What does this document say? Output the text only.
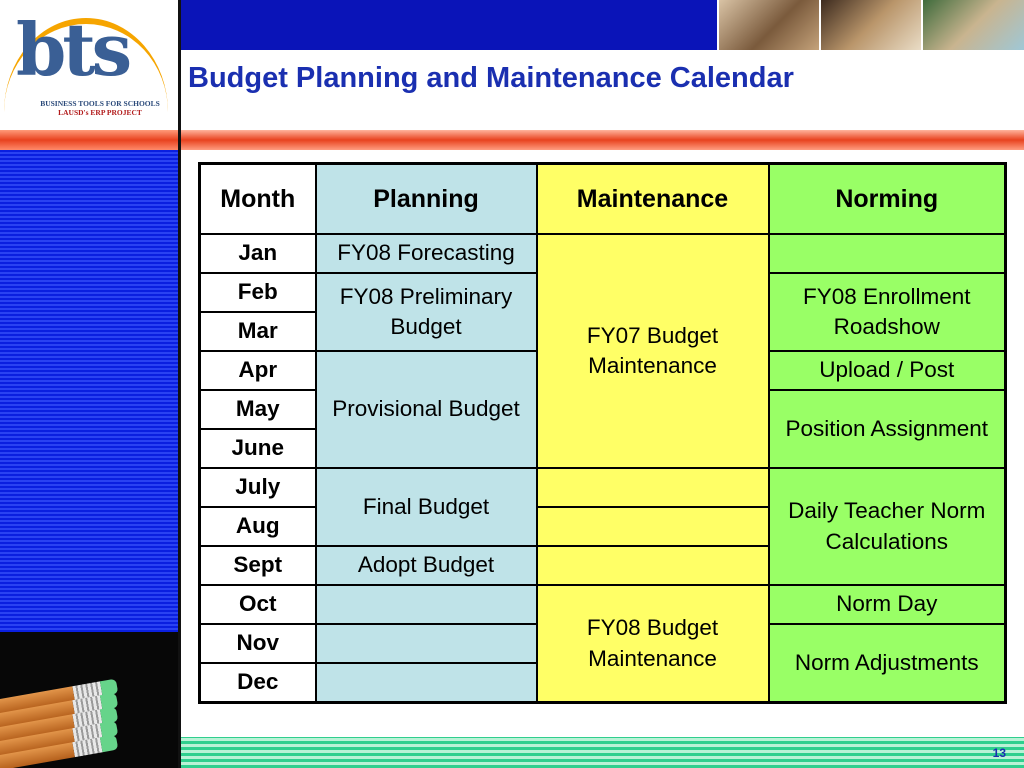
bts
BUSINESS TOOLS FOR SCHOOLS
LAUSD's ERP PROJECT
Budget Planning and Maintenance Calendar
Month	Planning	Maintenance	Norming
Jan	FY08 Forecasting	FY07 Budget Maintenance	
Feb	FY08 Preliminary Budget		FY08 Enrollment Roadshow
Mar			
Apr	Provisional Budget		Upload / Post
May			Position Assignment
June			
July	Final Budget		Daily Teacher Norm Calculations
Aug			
Sept	Adopt Budget		
Oct		FY08 Budget Maintenance	Norm Day
Nov			Norm Adjustments
Dec			
13
